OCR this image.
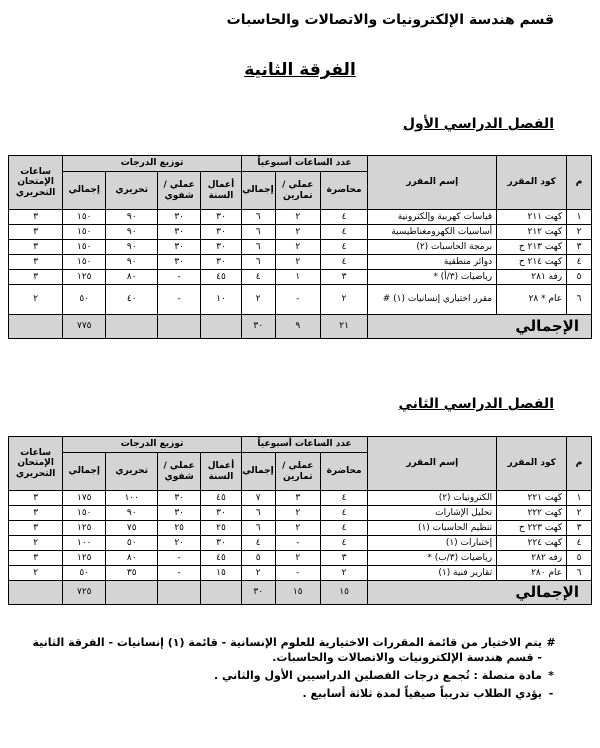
قسم هندسة الإلكترونيات والاتصالات والحاسبات
الفرقة الثانية
الفصل الدراسي الأول
م	كود المقرر	إسم المقرر	عدد الساعات أسبوعياً			توزيع الدرجات				ساعات الإمتحان التحريري
			محاضرة	عملي / تمارين	إجمالي	أعمال السنة	عملي / شفوي	تحريري	إجمالي	
١	كهت ٢١١	قياسات كهربية وإلكترونية	٤	٢	٦	٣٠	٣٠	٩٠	١٥٠	٣
٢	كهت ٢١٢	أساسيات الكهرومغناطيسية	٤	٢	٦	٣٠	٣٠	٩٠	١٥٠	٣
٣	كهت ٢١٣ ح	برمجة الحاسبات (٢)	٤	٢	٦	٣٠	٣٠	٩٠	١٥٠	٣
٤	كهت ٢١٤ ح	دوائر منطقية	٤	٢	٦	٣٠	٣٠	٩٠	١٥٠	٣
٥	رفه ٢٨١	رياضيات (٣/أ) *	٣	١	٤	٤٥	-	٨٠	١٢٥	٣
٦	عام * ٢٨	مقرر اختياري إنسانيات (١) #	٢	-	٢	١٠	-	٤٠	٥٠	٢
الإجمالي			٢١	٩	٣٠				٧٧٥	
الفصل الدراسي الثاني
م	كود المقرر	إسم المقرر	عدد الساعات أسبوعياً			توزيع الدرجات				ساعات الإمتحان التحريري
			محاضرة	عملي / تمارين	إجمالي	أعمال السنة	عملي / شفوي	تحريري	إجمالي	
١	كهت ٢٢١	الكترونيات (٢)	٤	٣	٧	٤٥	٣٠	١٠٠	١٧٥	٣
٢	كهت ٢٢٢	تحليل الإشارات	٤	٢	٦	٣٠	٣٠	٩٠	١٥٠	٣
٣	كهت ٢٢٣ ح	تنظيم الحاسبات (١)	٤	٢	٦	٢٥	٢٥	٧٥	١٢٥	٣
٤	كهت ٢٢٤	إختبارات (١)	٤	-	٤	٣٠	٢٠	٥٠	١٠٠	٢
٥	رفه ٢٨٢	رياضيات (٣/ب) *	٣	٢	٥	٤٥	-	٨٠	١٢٥	٣
٦	عام ٢٨٠	تقارير فنية (١)	٢	-	٢	١٥	-	٣٥	٥٠	٢
الإجمالي			١٥	١٥	٣٠				٧٢٥	
#
يتم الاختيار من قائمة المقررات الاختيارية للعلوم الإنسانية - قائمة (١) إنسانيات - الفرقة الثانية - قسم هندسة الإلكترونيات والاتصالات والحاسبات.
*
مادة متصلة : تُجمع درجات الفصلين الدراسيين الأول والثاني .
-
يؤدي الطلاب تدريباً صيفياً لمدة ثلاثة أسابيع .
